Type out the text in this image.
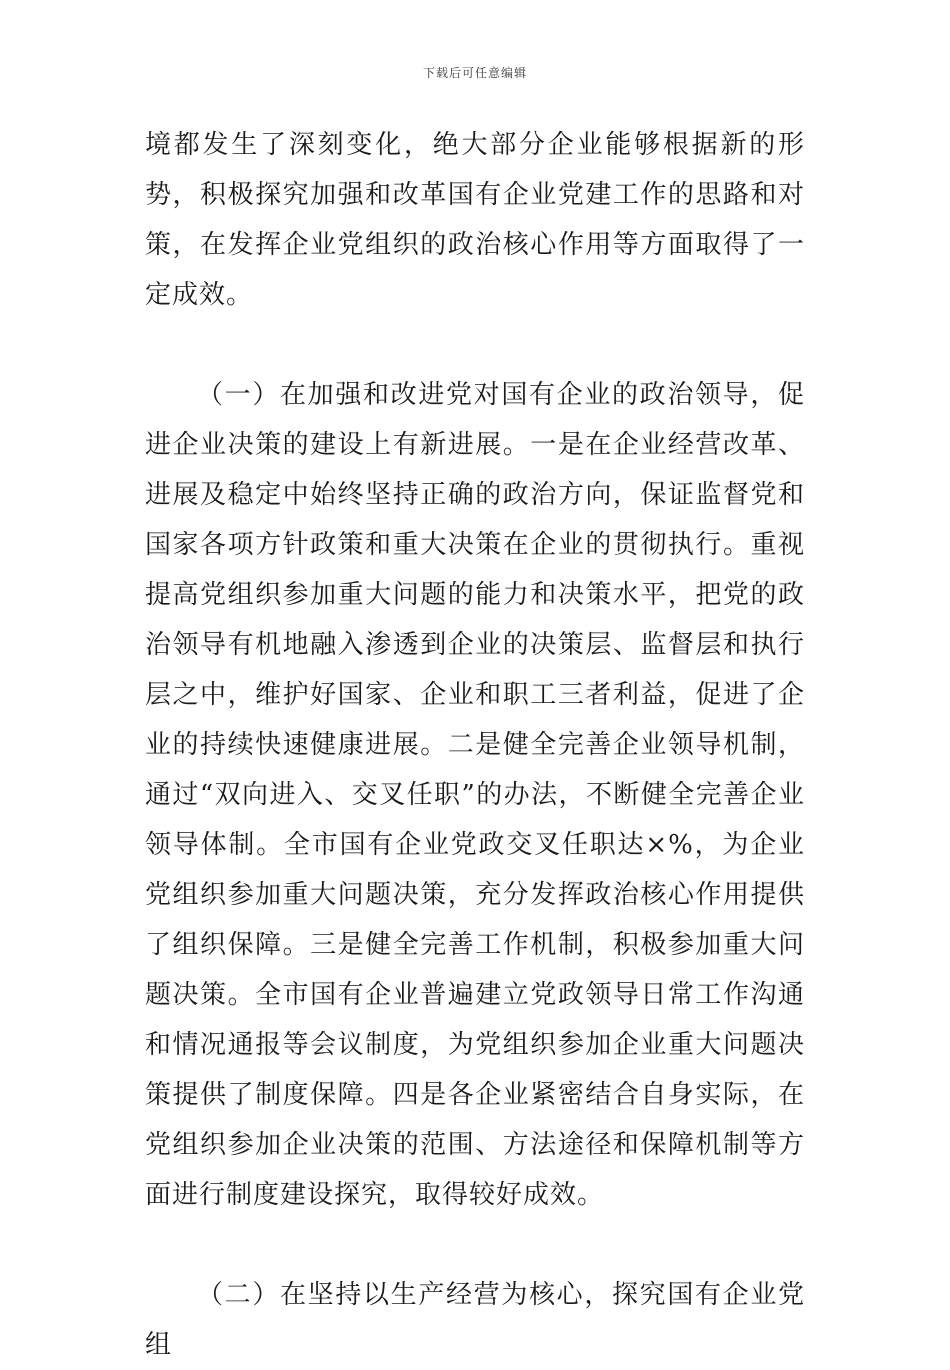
下载后可任意编辑

境都发生了深刻变化，绝大部分企业能够根据新的形势，积极探究加强和改革国有企业党建工作的思路和对策，在发挥企业党组织的政治核心作用等方面取得了一定成效。

（一）在加强和改进党对国有企业的政治领导，促进企业决策的建设上有新进展。一是在企业经营改革、进展及稳定中始终坚持正确的政治方向，保证监督党和国家各项方针政策和重大决策在企业的贯彻执行。重视提高党组织参加重大问题的能力和决策水平，把党的政治领导有机地融入渗透到企业的决策层、监督层和执行层之中，维护好国家、企业和职工三者利益，促进了企业的持续快速健康进展。二是健全完善企业领导机制，通过“双向进入、交叉任职”的办法，不断健全完善企业领导体制。全市国有企业党政交叉任职达×%，为企业党组织参加重大问题决策，充分发挥政治核心作用提供了组织保障。三是健全完善工作机制，积极参加重大问题决策。全市国有企业普遍建立党政领导日常工作沟通和情况通报等会议制度，为党组织参加企业重大问题决策提供了制度保障。四是各企业紧密结合自身实际，在党组织参加企业决策的范围、方法途径和保障机制等方面进行制度建设探究，取得较好成效。

（二）在坚持以生产经营为核心，探究国有企业党组
